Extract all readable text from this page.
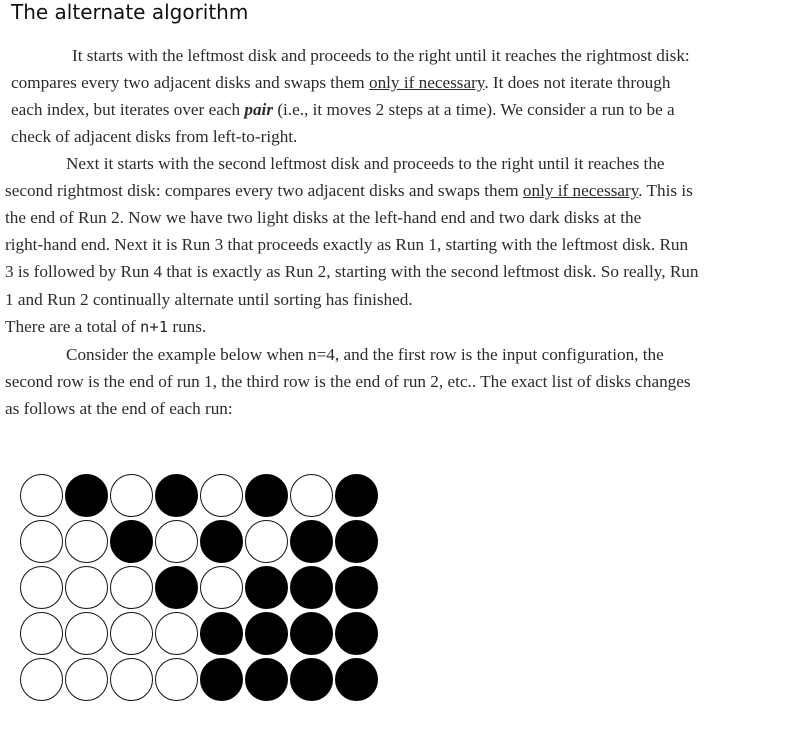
The alternate algorithm
It starts with the leftmost disk and proceeds to the right until it reaches the rightmost disk:
compares every two adjacent disks and swaps them only if necessary. It does not iterate through
each index, but iterates over each pair (i.e., it moves 2 steps at a time). We consider a run to be a
check of adjacent disks from left-to-right.
Next it starts with the second leftmost disk and proceeds to the right until it reaches the
second rightmost disk: compares every two adjacent disks and swaps them only if necessary. This is
the end of Run 2. Now we have two light disks at the left-hand end and two dark disks at the
right-hand end. Next it is Run 3 that proceeds exactly as Run 1, starting with the leftmost disk. Run
3 is followed by Run 4 that is exactly as Run 2, starting with the second leftmost disk. So really, Run
1 and Run 2 continually alternate until sorting has finished.
There are a total of n+1 runs.
Consider the example below when n=4, and the first row is the input configuration, the
second row is the end of run 1, the third row is the end of run 2, etc.. The exact list of disks changes
as follows at the end of each run:
